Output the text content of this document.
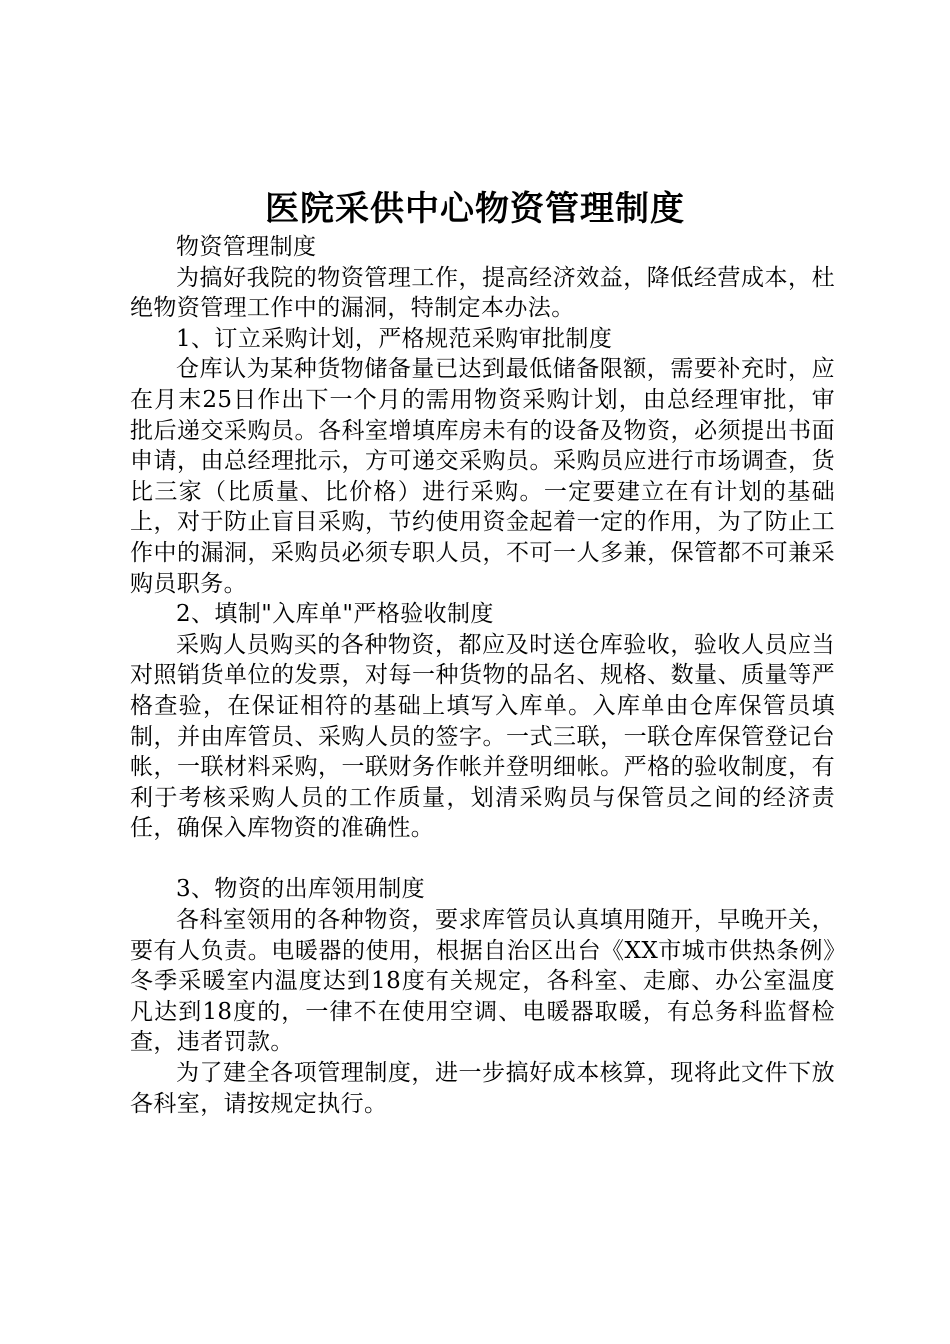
医院采供中心物资管理制度

物资管理制度

为搞好我院的物资管理工作，提高经济效益，降低经营成本，杜绝物资管理工作中的漏洞，特制定本办法。

1、订立采购计划，严格规范采购审批制度

仓库认为某种货物储备量已达到最低储备限额，需要补充时，应在月末25日作出下一个月的需用物资采购计划，由总经理审批，审批后递交采购员。各科室增填库房未有的设备及物资，必须提出书面申请，由总经理批示，方可递交采购员。采购员应进行市场调查，货比三家（比质量、比价格）进行采购。一定要建立在有计划的基础上，对于防止盲目采购，节约使用资金起着一定的作用，为了防止工作中的漏洞，采购员必须专职人员，不可一人多兼，保管都不可兼采购员职务。

2、填制"入库单"严格验收制度

采购人员购买的各种物资，都应及时送仓库验收，验收人员应当对照销货单位的发票，对每一种货物的品名、规格、数量、质量等严格查验，在保证相符的基础上填写入库单。入库单由仓库保管员填制，并由库管员、采购人员的签字。一式三联，一联仓库保管登记台帐，一联材料采购，一联财务作帐并登明细帐。严格的验收制度，有利于考核采购人员的工作质量，划清采购员与保管员之间的经济责任，确保入库物资的准确性。

3、物资的出库领用制度

各科室领用的各种物资，要求库管员认真填用随开，早晚开关，要有人负责。电暖器的使用，根据自治区出台《XX市城市供热条例》冬季采暖室内温度达到18度有关规定，各科室、走廊、办公室温度凡达到18度的，一律不在使用空调、电暖器取暖，有总务科监督检查，违者罚款。

为了建全各项管理制度，进一步搞好成本核算，现将此文件下放各科室，请按规定执行。
